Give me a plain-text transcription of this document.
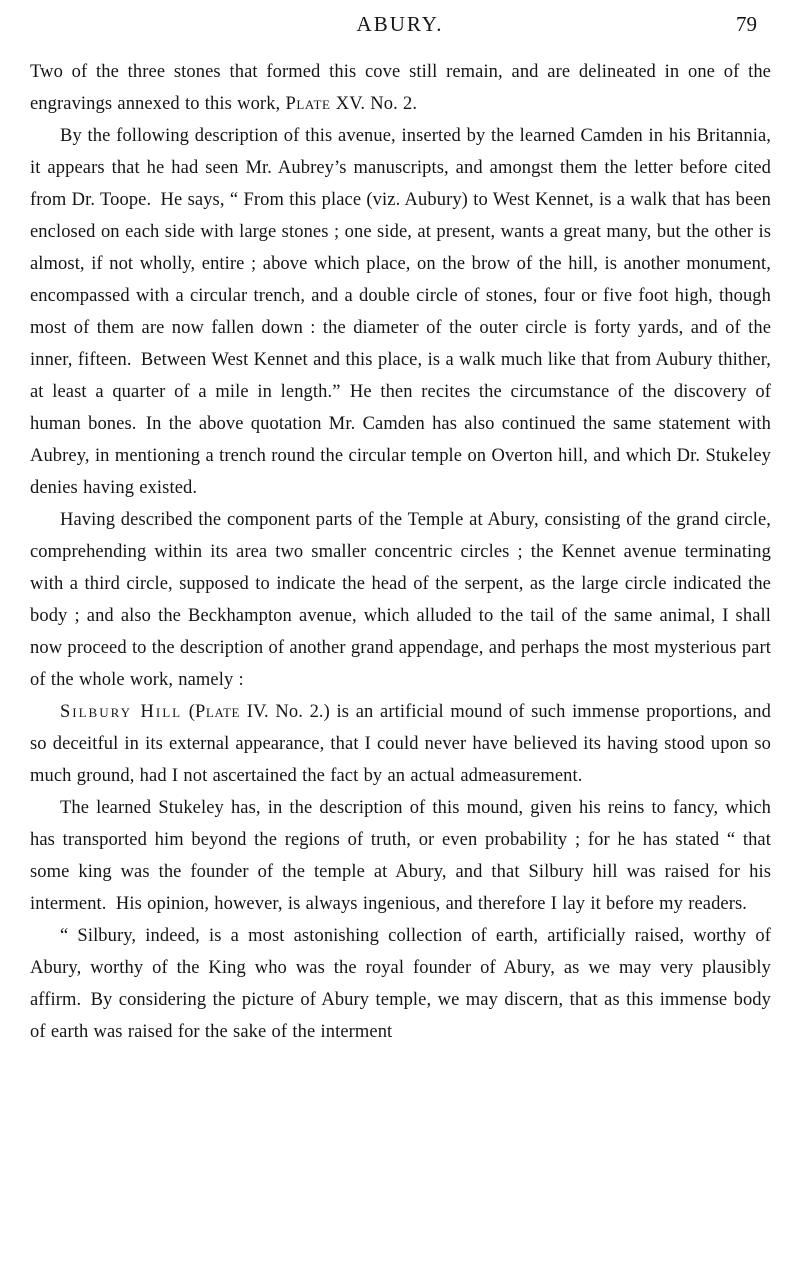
ABURY.	79

Two of the three stones that formed this cove still remain, and are delineated in one of the engravings annexed to this work, Plate XV. No. 2.

By the following description of this avenue, inserted by the learned Camden in his Britannia, it appears that he had seen Mr. Aubrey’s manuscripts, and amongst them the letter before cited from Dr. Toope. He says, “ From this place (viz. Aubury) to West Kennet, is a walk that has been enclosed on each side with large stones ; one side, at present, wants a great many, but the other is almost, if not wholly, entire ; above which place, on the brow of the hill, is another monument, encompassed with a circular trench, and a double circle of stones, four or five foot high, though most of them are now fallen down : the diameter of the outer circle is forty yards, and of the inner, fifteen. Between West Kennet and this place, is a walk much like that from Aubury thither, at least a quarter of a mile in length.” He then recites the circumstance of the discovery of human bones. In the above quotation Mr. Camden has also continued the same statement with Aubrey, in mentioning a trench round the circular temple on Overton hill, and which Dr. Stukeley denies having existed.

Having described the component parts of the Temple at Abury, consisting of the grand circle, comprehending within its area two smaller concentric circles ; the Kennet avenue terminating with a third circle, supposed to indicate the head of the serpent, as the large circle indicated the body ; and also the Beckhampton avenue, which alluded to the tail of the same animal, I shall now proceed to the description of another grand appendage, and perhaps the most mysterious part of the whole work, namely :

Silbury Hill (Plate IV. No. 2.) is an artificial mound of such immense proportions, and so deceitful in its external appearance, that I could never have believed its having stood upon so much ground, had I not ascertained the fact by an actual admeasurement.

The learned Stukeley has, in the description of this mound, given his reins to fancy, which has transported him beyond the regions of truth, or even probability ; for he has stated “ that some king was the founder of the temple at Abury, and that Silbury hill was raised for his interment. His opinion, however, is always ingenious, and therefore I lay it before my readers.

“ Silbury, indeed, is a most astonishing collection of earth, artificially raised, worthy of Abury, worthy of the King who was the royal founder of Abury, as we may very plausibly affirm. By considering the picture of Abury temple, we may discern, that as this immense body of earth was raised for the sake of the interment
